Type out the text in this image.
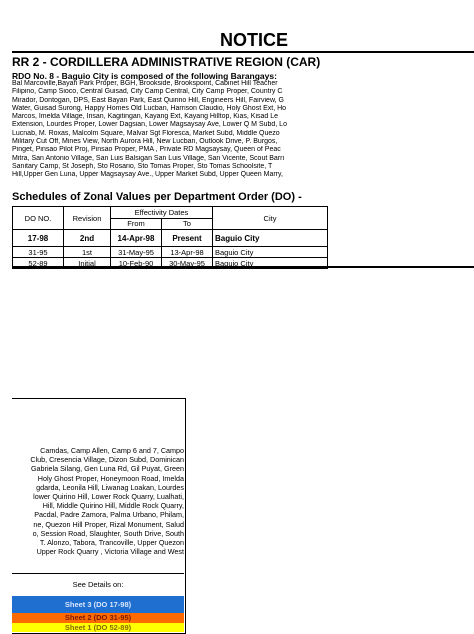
NOTICE
RR 2 - CORDILLERA ADMINISTRATIVE REGION (CAR)
RDO No. 8 - Baguio City is composed of the following Barangays:
Bal Marcoville,Bayan Park Proper, BGH, Brookside, Brookspoint, Cabinet Hill Teacher
Filipino, Camp Sioco, Central Guisad, City Camp Central, City Camp Proper, Country C
Mirador, Dontogan, DPS, East Bayan Park, East Quirino Hill, Engineers Hill, Fairview, G
Water, Guisad Surong, Happy Homes Old Lucban, Harrison Claudio, Holy Ghost Ext, Ho
Marcos, Imelda Village, Irisan, Kagitingan, Kayang Ext, Kayang Hilltop, Kias, Kisad Le
Extension, Lourdes Proper, Lower Dagsian, Lower Magsaysay Ave, Lower Q M Subd, Lo
Lucnab, M. Roxas, Malcolm Square, Malvar Sgt Floresca, Market Subd, Middle Quezo
Military Cut Off, Mines View, North Aurora Hill, New Lucban, Outlook Drive, P. Burgos,
Pinget, Pinsao Pilot Proj, Pinsao Proper, PMA , Private RD Magsaysay, Queen of Peac
Mitra, San Antonio Village, San Luis Balsigan San Luis Village, San Vicente, Scout Barri
Sanitary Camp, St Joseph, Sto Rosario, Sto Tomas Proper, Sto Tomas Schoolsite, T
Hill,Upper Gen Luna, Upper Magsaysay Ave., Upper Market Subd, Upper Queen Marry,
Schedules of Zonal Values per Department Order (DO) -
DO NO.	Revision	Effectivity Dates		City
		From	To	
17-98	2nd	14-Apr-98	Present	Baguio City
31-95	1st	31-May-95	13-Apr-98	Baguio City
52-89	Initial	10-Feb-90	30-May-95	Baguio City
Camdas, Camp Allen, Camp 6 and 7, Campo
Club, Cresencia Village, Dizon Subd, Dominican
Gabriela Silang, Gen Luna Rd, Gil Puyat, Green
Holy Ghost Proper, Honeymoon Road, Imelda
gdarda, Leonila Hill, Liwanag Loakan, Lourdes
lower Quirino Hill, Lower Rock Quarry, Lualhati,
Hill, Middle Quirino Hill, Middle Rock Quarry,
Pacdal, Padre Zamora, Palma Urbano, Philam,
ne, Quezon Hill Proper, Rizal Monument, Salud
o, Session Road, Slaughter, South Drive, South
T. Alonzo, Tabora, Trancoville, Upper Quezon
Upper Rock Quarry , Victoria Village and West
See Details on:
Sheet 3 (DO 17-98)
Sheet 2 (DO 31-95)
Sheet 1 (DO 52-89)
